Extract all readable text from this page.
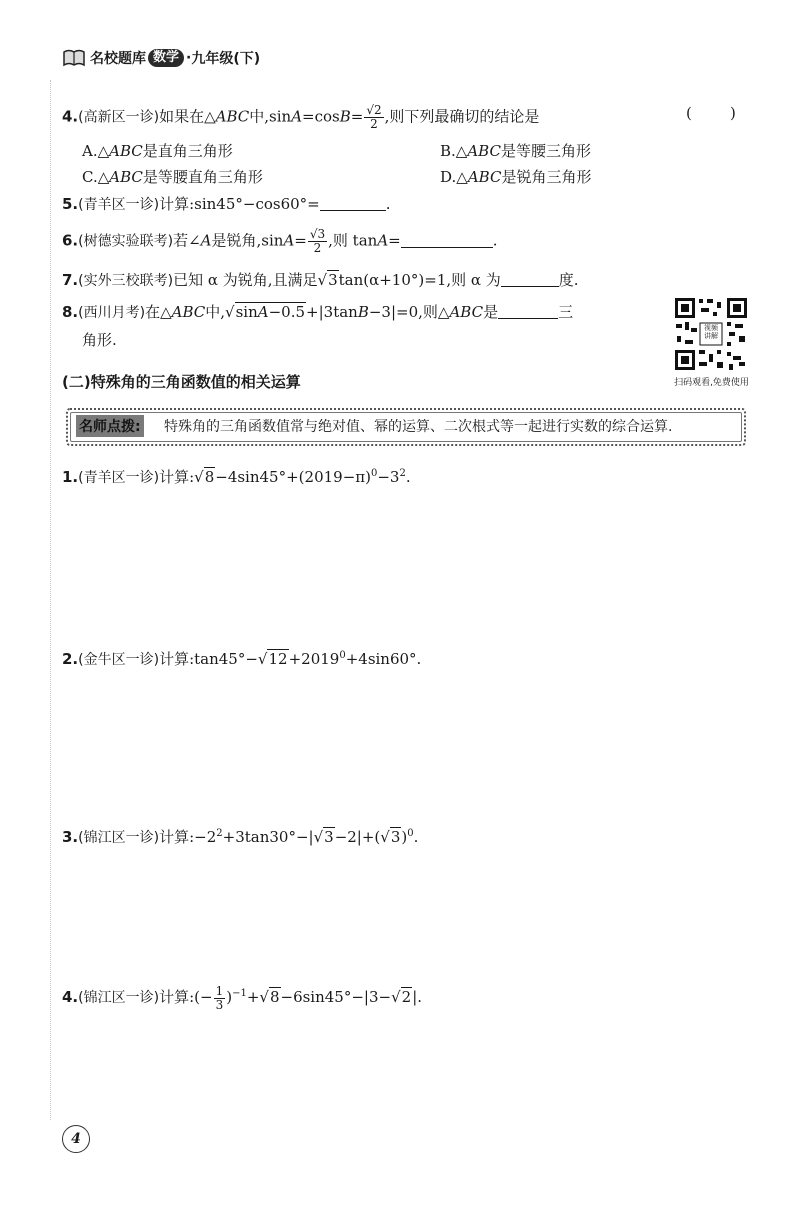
名校题库 数学 · 九年级(下)
4.(高新区一诊)如果在△ABC中$,\sin A=\cos B= \frac{√2}{2}$ ,则下列最确切的结论是	(        )
A.△ABC是直角三角形	B.△ABC是等腰三角形
C.△ABC是等腰直角三角形	D.△ABC是锐角三角形
5.(青羊区一诊)计算:sin45°−cos60°=	.
6.(树德实验联考)若∠A是锐角$,\sin A= \frac{√3}{2}$ ,则 tanA=	.
7.(实外三校联考)已知 α 为锐角,且满足√3tan(α+10°)=1,则 α 为	度.
8.(西川月考)在△ABC中,√sinA−0.5+|3tanB−3|=0,则△ABC是	三
角形.
视频讲解
扫码观看,免费使用
(二)特殊角的三角函数值的相关运算
名师点拨: 特殊角的三角函数值常与绝对值、幂的运算、二次根式等一起进行实数的综合运算.
1.(青羊区一诊)计算$:√8-4\sin 45^\circ+(2019-\pi)^0-3^2$.
2.(金牛区一诊)计算$:\tan 45^\circ-√12+2019^0+4\sin 60^\circ$.
3.(锦江区一诊)计算$:-2^2+3\tan 30^\circ-|√3-2|+(√3)^0$.
4.(锦江区一诊)计算:(− $\frac{1}{3} )^{-1}+√8-6\sin 45^\circ-|3-√2|$.
4
